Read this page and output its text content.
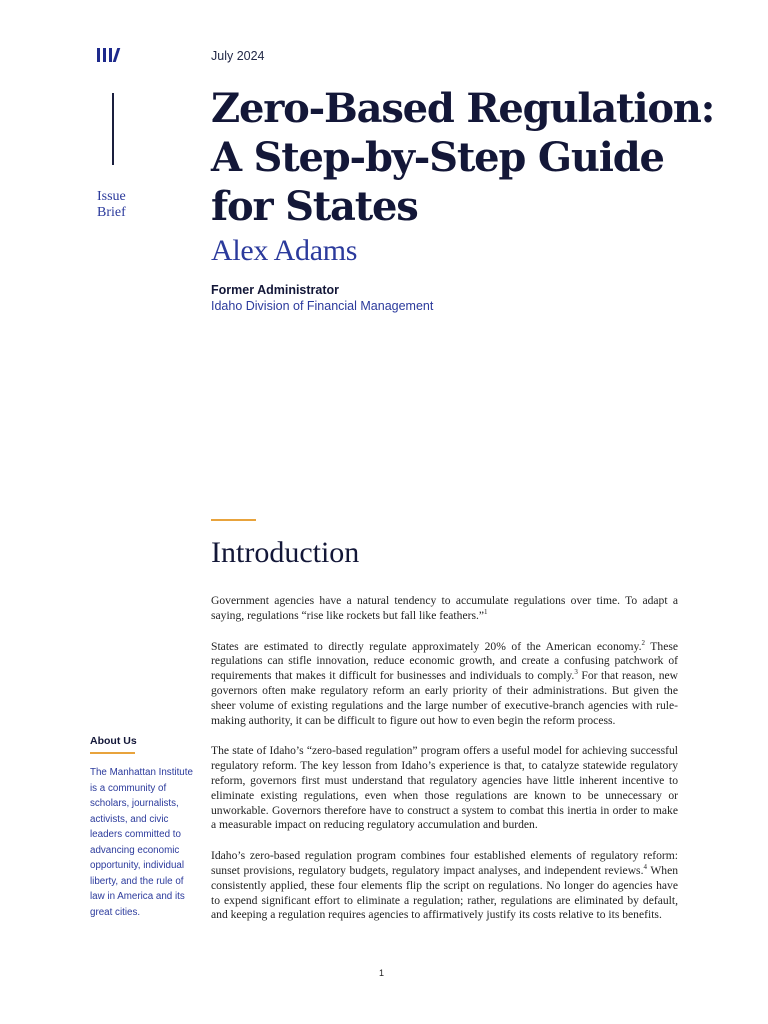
July 2024
Issue Brief
Zero-Based Regulation: A Step-by-Step Guide for States
Alex Adams
Former Administrator
Idaho Division of Financial Management
Introduction

Government agencies have a natural tendency to accumulate regulations over time. To adapt a saying, regulations “rise like rockets but fall like feathers.”$^1$

States are estimated to directly regulate approximately 20% of the American economy.$^2$ These regulations can stifle innovation, reduce economic growth, and create a confusing patchwork of requirements that makes it difficult for businesses and individuals to comply.$^3$ For that reason, new governors often make regulatory reform an early priority of their administrations. But given the sheer volume of existing regulations and the large number of executive-branch agencies with rule-making authority, it can be difficult to figure out how to even begin the reform process.

The state of Idaho’s “zero-based regulation” program offers a useful model for achieving successful regulatory reform. The key lesson from Idaho’s experience is that, to catalyze statewide regulatory reform, governors first must understand that regulatory agencies have little inherent incentive to eliminate existing regulations, even when those regulations are known to be unnecessary or unworkable. Governors therefore have to construct a system to combat this inertia in order to make a measurable impact on reducing regulatory accumulation and burden.

Idaho’s zero-based regulation program combines four established elements of regulatory reform: sunset provisions, regulatory budgets, regulatory impact analyses, and independent reviews.$^4$ When consistently applied, these four elements flip the script on regulations. No longer do agencies have to expend significant effort to eliminate a regulation; rather, regulations are eliminated by default, and keeping a regulation requires agencies to affirmatively justify its costs relative to its benefits.

About Us
The Manhattan Institute is a community of scholars, journalists, activists, and civic leaders committed to advancing economic opportunity, individual liberty, and the rule of law in America and its great cities.
1
